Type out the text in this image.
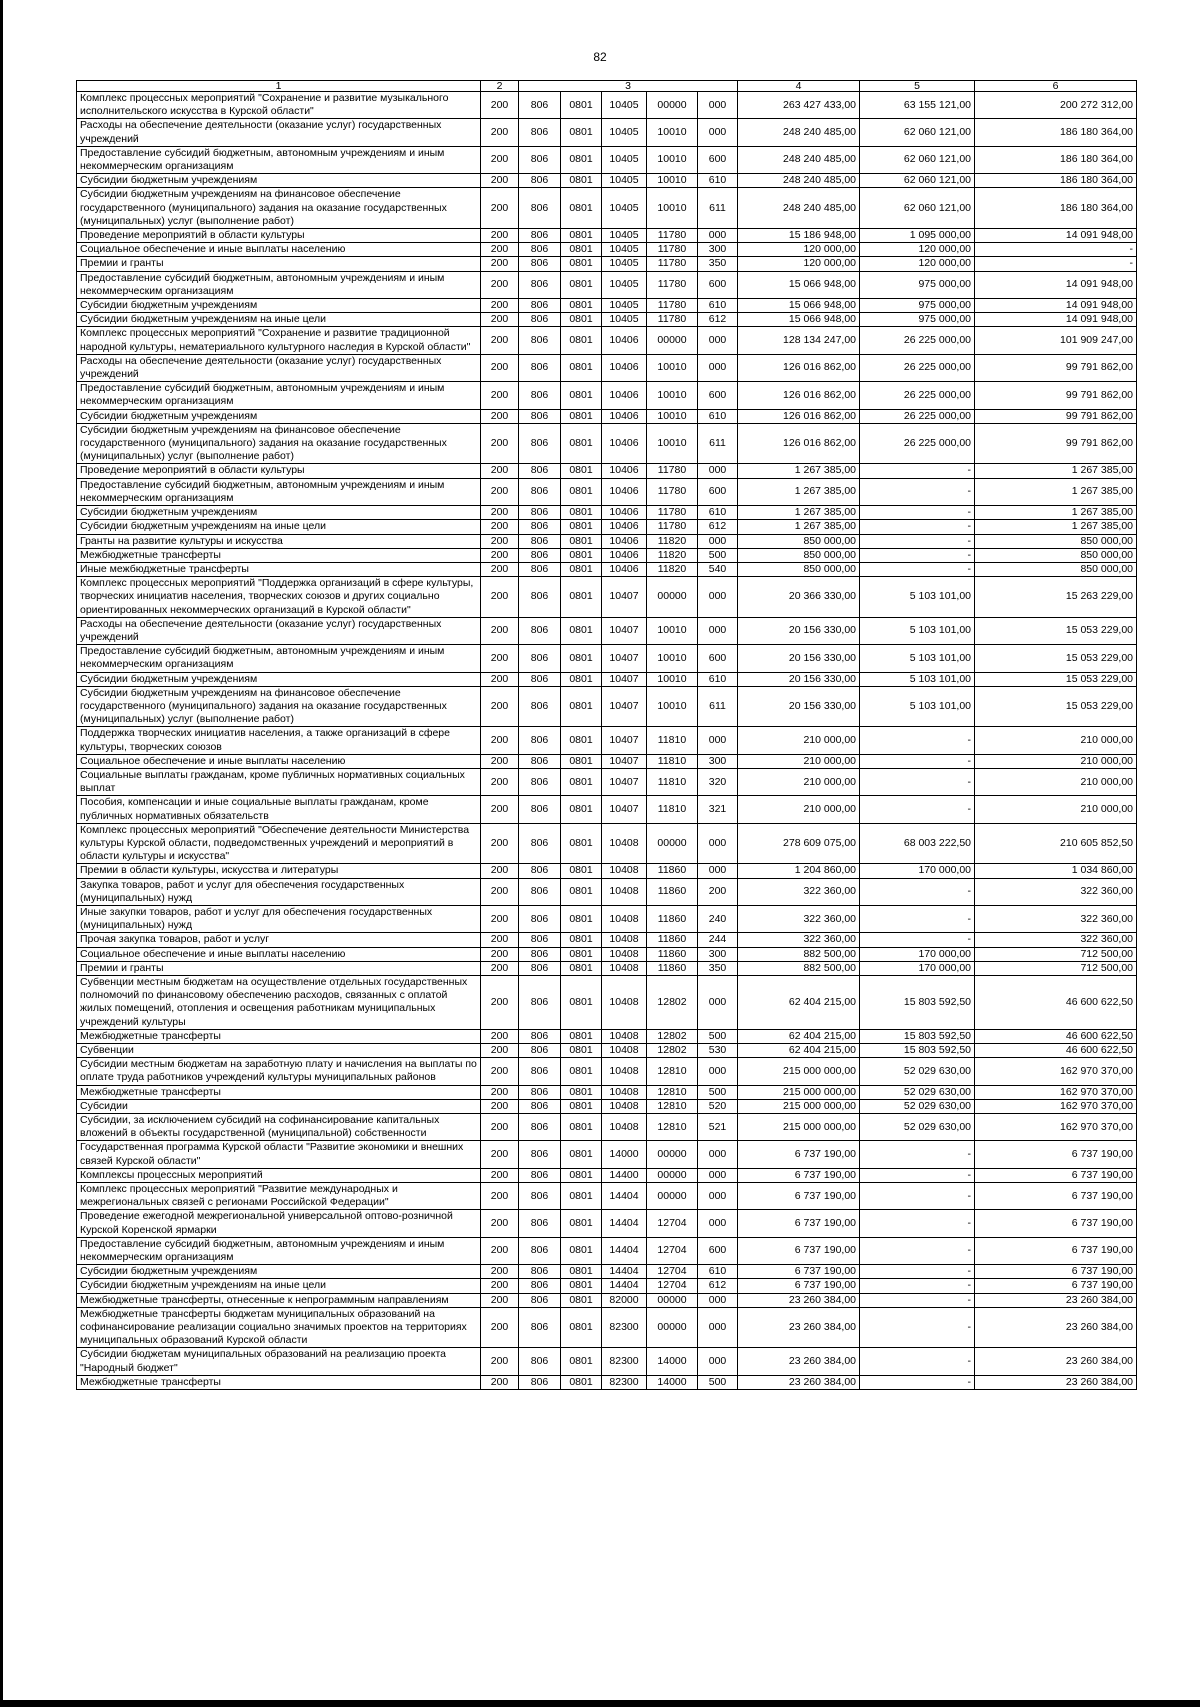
82
1	2	3					4	5	6
Комплекс процессных мероприятий "Сохранение и развитие музыкального исполнительского искусства в Курской области"	200	806	0801	10405	00000	000	263 427 433,00	63 155 121,00	200 272 312,00
Расходы на обеспечение деятельности (оказание услуг) государственных учреждений	200	806	0801	10405	10010	000	248 240 485,00	62 060 121,00	186 180 364,00
Предоставление субсидий бюджетным, автономным учреждениям и иным некоммерческим организациям	200	806	0801	10405	10010	600	248 240 485,00	62 060 121,00	186 180 364,00
Субсидии бюджетным учреждениям	200	806	0801	10405	10010	610	248 240 485,00	62 060 121,00	186 180 364,00
Субсидии бюджетным учреждениям на финансовое обеспечение государственного (муниципального) задания на оказание государственных (муниципальных) услуг (выполнение работ)	200	806	0801	10405	10010	611	248 240 485,00	62 060 121,00	186 180 364,00
Проведение мероприятий в области культуры	200	806	0801	10405	11780	000	15 186 948,00	1 095 000,00	14 091 948,00
Социальное обеспечение и иные выплаты населению	200	806	0801	10405	11780	300	120 000,00	120 000,00	-
Премии и гранты	200	806	0801	10405	11780	350	120 000,00	120 000,00	-
Предоставление субсидий бюджетным, автономным учреждениям и иным некоммерческим организациям	200	806	0801	10405	11780	600	15 066 948,00	975 000,00	14 091 948,00
Субсидии бюджетным учреждениям	200	806	0801	10405	11780	610	15 066 948,00	975 000,00	14 091 948,00
Субсидии бюджетным учреждениям на иные цели	200	806	0801	10405	11780	612	15 066 948,00	975 000,00	14 091 948,00
Комплекс процессных мероприятий "Сохранение и развитие традиционной народной культуры, нематериального культурного наследия в Курской области"	200	806	0801	10406	00000	000	128 134 247,00	26 225 000,00	101 909 247,00
Расходы на обеспечение деятельности (оказание услуг) государственных учреждений	200	806	0801	10406	10010	000	126 016 862,00	26 225 000,00	99 791 862,00
Предоставление субсидий бюджетным, автономным учреждениям и иным некоммерческим организациям	200	806	0801	10406	10010	600	126 016 862,00	26 225 000,00	99 791 862,00
Субсидии бюджетным учреждениям	200	806	0801	10406	10010	610	126 016 862,00	26 225 000,00	99 791 862,00
Субсидии бюджетным учреждениям на финансовое обеспечение государственного (муниципального) задания на оказание государственных (муниципальных) услуг (выполнение работ)	200	806	0801	10406	10010	611	126 016 862,00	26 225 000,00	99 791 862,00
Проведение мероприятий в области культуры	200	806	0801	10406	11780	000	1 267 385,00	-	1 267 385,00
Предоставление субсидий бюджетным, автономным учреждениям и иным некоммерческим организациям	200	806	0801	10406	11780	600	1 267 385,00	-	1 267 385,00
Субсидии бюджетным учреждениям	200	806	0801	10406	11780	610	1 267 385,00	-	1 267 385,00
Субсидии бюджетным учреждениям на иные цели	200	806	0801	10406	11780	612	1 267 385,00	-	1 267 385,00
Гранты на развитие культуры и искусства	200	806	0801	10406	11820	000	850 000,00	-	850 000,00
Межбюджетные трансферты	200	806	0801	10406	11820	500	850 000,00	-	850 000,00
Иные межбюджетные трансферты	200	806	0801	10406	11820	540	850 000,00	-	850 000,00
Комплекс процессных мероприятий "Поддержка организаций в сфере культуры, творческих инициатив населения, творческих союзов и других социально ориентированных некоммерческих организаций в Курской области"	200	806	0801	10407	00000	000	20 366 330,00	5 103 101,00	15 263 229,00
Расходы на обеспечение деятельности (оказание услуг) государственных учреждений	200	806	0801	10407	10010	000	20 156 330,00	5 103 101,00	15 053 229,00
Предоставление субсидий бюджетным, автономным учреждениям и иным некоммерческим организациям	200	806	0801	10407	10010	600	20 156 330,00	5 103 101,00	15 053 229,00
Субсидии бюджетным учреждениям	200	806	0801	10407	10010	610	20 156 330,00	5 103 101,00	15 053 229,00
Субсидии бюджетным учреждениям на финансовое обеспечение государственного (муниципального) задания на оказание государственных (муниципальных) услуг (выполнение работ)	200	806	0801	10407	10010	611	20 156 330,00	5 103 101,00	15 053 229,00
Поддержка творческих инициатив населения, а также организаций в сфере культуры, творческих союзов	200	806	0801	10407	11810	000	210 000,00	-	210 000,00
Социальное обеспечение и иные выплаты населению	200	806	0801	10407	11810	300	210 000,00	-	210 000,00
Социальные выплаты гражданам, кроме публичных нормативных социальных выплат	200	806	0801	10407	11810	320	210 000,00	-	210 000,00
Пособия, компенсации и иные социальные выплаты гражданам, кроме публичных нормативных обязательств	200	806	0801	10407	11810	321	210 000,00	-	210 000,00
Комплекс процессных мероприятий "Обеспечение деятельности Министерства культуры Курской области, подведомственных учреждений и мероприятий в области культуры и искусства"	200	806	0801	10408	00000	000	278 609 075,00	68 003 222,50	210 605 852,50
Премии в области культуры, искусства и литературы	200	806	0801	10408	11860	000	1 204 860,00	170 000,00	1 034 860,00
Закупка товаров, работ и услуг для обеспечения государственных (муниципальных) нужд	200	806	0801	10408	11860	200	322 360,00	-	322 360,00
Иные закупки товаров, работ и услуг для обеспечения государственных (муниципальных) нужд	200	806	0801	10408	11860	240	322 360,00	-	322 360,00
Прочая закупка товаров, работ и услуг	200	806	0801	10408	11860	244	322 360,00	-	322 360,00
Социальное обеспечение и иные выплаты населению	200	806	0801	10408	11860	300	882 500,00	170 000,00	712 500,00
Премии и гранты	200	806	0801	10408	11860	350	882 500,00	170 000,00	712 500,00
Субвенции местным бюджетам на осуществление отдельных государственных полномочий по финансовому обеспечению расходов, связанных с оплатой жилых помещений, отопления и освещения работникам муниципальных учреждений культуры	200	806	0801	10408	12802	000	62 404 215,00	15 803 592,50	46 600 622,50
Межбюджетные трансферты	200	806	0801	10408	12802	500	62 404 215,00	15 803 592,50	46 600 622,50
Субвенции	200	806	0801	10408	12802	530	62 404 215,00	15 803 592,50	46 600 622,50
Субсидии местным бюджетам на заработную плату и начисления на выплаты по оплате труда работников учреждений культуры муниципальных районов	200	806	0801	10408	12810	000	215 000 000,00	52 029 630,00	162 970 370,00
Межбюджетные трансферты	200	806	0801	10408	12810	500	215 000 000,00	52 029 630,00	162 970 370,00
Субсидии	200	806	0801	10408	12810	520	215 000 000,00	52 029 630,00	162 970 370,00
Субсидии, за исключением субсидий на софинансирование капитальных вложений в объекты государственной (муниципальной) собственности	200	806	0801	10408	12810	521	215 000 000,00	52 029 630,00	162 970 370,00
Государственная программа Курской области "Развитие экономики и внешних связей Курской области"	200	806	0801	14000	00000	000	6 737 190,00	-	6 737 190,00
Комплексы процессных мероприятий	200	806	0801	14400	00000	000	6 737 190,00	-	6 737 190,00
Комплекс процессных мероприятий "Развитие международных и межрегиональных связей с регионами Российской Федерации"	200	806	0801	14404	00000	000	6 737 190,00	-	6 737 190,00
Проведение ежегодной межрегиональной универсальной оптово-розничной Курской Коренской ярмарки	200	806	0801	14404	12704	000	6 737 190,00	-	6 737 190,00
Предоставление субсидий бюджетным, автономным учреждениям и иным некоммерческим организациям	200	806	0801	14404	12704	600	6 737 190,00	-	6 737 190,00
Субсидии бюджетным учреждениям	200	806	0801	14404	12704	610	6 737 190,00	-	6 737 190,00
Субсидии бюджетным учреждениям на иные цели	200	806	0801	14404	12704	612	6 737 190,00	-	6 737 190,00
Межбюджетные трансферты, отнесенные к непрограммным направлениям	200	806	0801	82000	00000	000	23 260 384,00	-	23 260 384,00
Межбюджетные трансферты бюджетам муниципальных образований на софинансирование реализации социально значимых проектов на территориях муниципальных образований Курской области	200	806	0801	82300	00000	000	23 260 384,00	-	23 260 384,00
Субсидии бюджетам муниципальных образований на реализацию проекта "Народный бюджет"	200	806	0801	82300	14000	000	23 260 384,00	-	23 260 384,00
Межбюджетные трансферты	200	806	0801	82300	14000	500	23 260 384,00	-	23 260 384,00
